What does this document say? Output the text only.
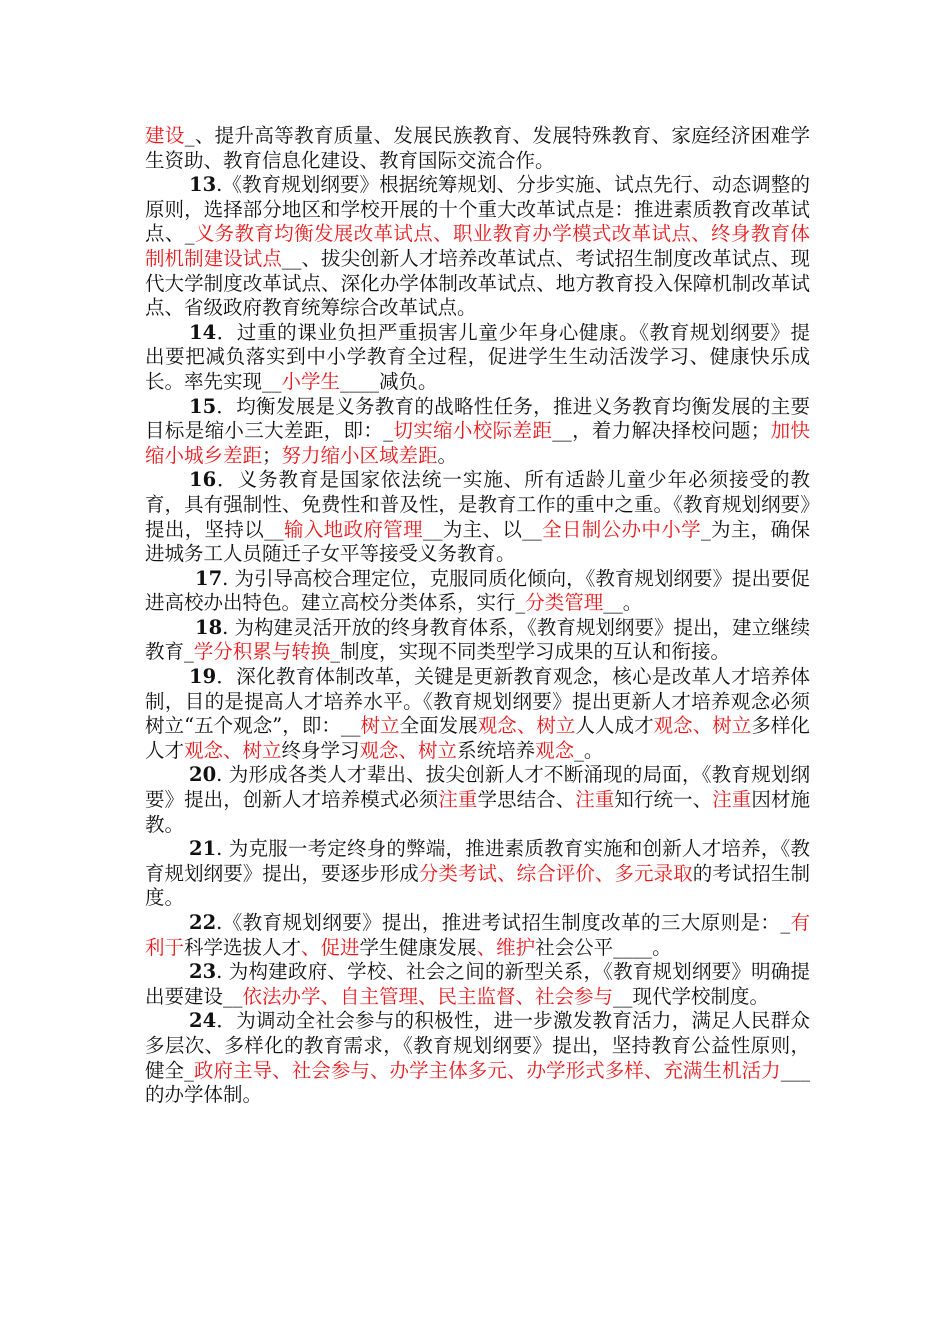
建设_、提升高等教育质量、发展民族教育、发展特殊教育、家庭经济困难学生资助、教育信息化建设、教育国际交流合作。

13.《教育规划纲要》根据统筹规划、分步实施、试点先行、动态调整的原则，选择部分地区和学校开展的十个重大改革试点是：推进素质教育改革试点、_义务教育均衡发展改革试点、职业教育办学模式改革试点、终身教育体制机制建设试点__、拔尖创新人才培养改革试点、考试招生制度改革试点、现代大学制度改革试点、深化办学体制改革试点、地方教育投入保障机制改革试点、省级政府教育统筹综合改革试点。

14．过重的课业负担严重损害儿童少年身心健康。《教育规划纲要》提出要把减负落实到中小学教育全过程，促进学生生动活泼学习、健康快乐成长。率先实现__小学生____减负。

15．均衡发展是义务教育的战略性任务，推进义务教育均衡发展的主要目标是缩小三大差距，即：_切实缩小校际差距__，着力解决择校问题；加快缩小城乡差距；努力缩小区域差距。

16．义务教育是国家依法统一实施、所有适龄儿童少年必须接受的教育，具有强制性、免费性和普及性，是教育工作的重中之重。《教育规划纲要》提出，坚持以__输入地政府管理__为主、以__全日制公办中小学_为主，确保进城务工人员随迁子女平等接受义务教育。

17. 为引导高校合理定位，克服同质化倾向，《教育规划纲要》提出要促进高校办出特色。建立高校分类体系，实行_分类管理__。

18. 为构建灵活开放的终身教育体系，《教育规划纲要》提出，建立继续教育_学分积累与转换_制度，实现不同类型学习成果的互认和衔接。

19．深化教育体制改革，关键是更新教育观念，核心是改革人才培养体制，目的是提高人才培养水平。《教育规划纲要》提出更新人才培养观念必须树立“五个观念”，即：__树立全面发展观念、树立人人成才观念、树立多样化人才观念、树立终身学习观念、树立系统培养观念_。

20. 为形成各类人才辈出、拔尖创新人才不断涌现的局面，《教育规划纲要》提出，创新人才培养模式必须注重学思结合、注重知行统一、注重因材施教。

21. 为克服一考定终身的弊端，推进素质教育实施和创新人才培养，《教育规划纲要》提出，要逐步形成分类考试、综合评价、多元录取的考试招生制度。

22.《教育规划纲要》提出，推进考试招生制度改革的三大原则是：_有利于科学选拔人才、促进学生健康发展、维护社会公平____。

23. 为构建政府、学校、社会之间的新型关系，《教育规划纲要》明确提出要建设__依法办学、自主管理、民主监督、社会参与__现代学校制度。

24．为调动全社会参与的积极性，进一步激发教育活力，满足人民群众多层次、多样化的教育需求，《教育规划纲要》提出，坚持教育公益性原则，健全_政府主导、社会参与、办学主体多元、办学形式多样、充满生机活力___的办学体制。
